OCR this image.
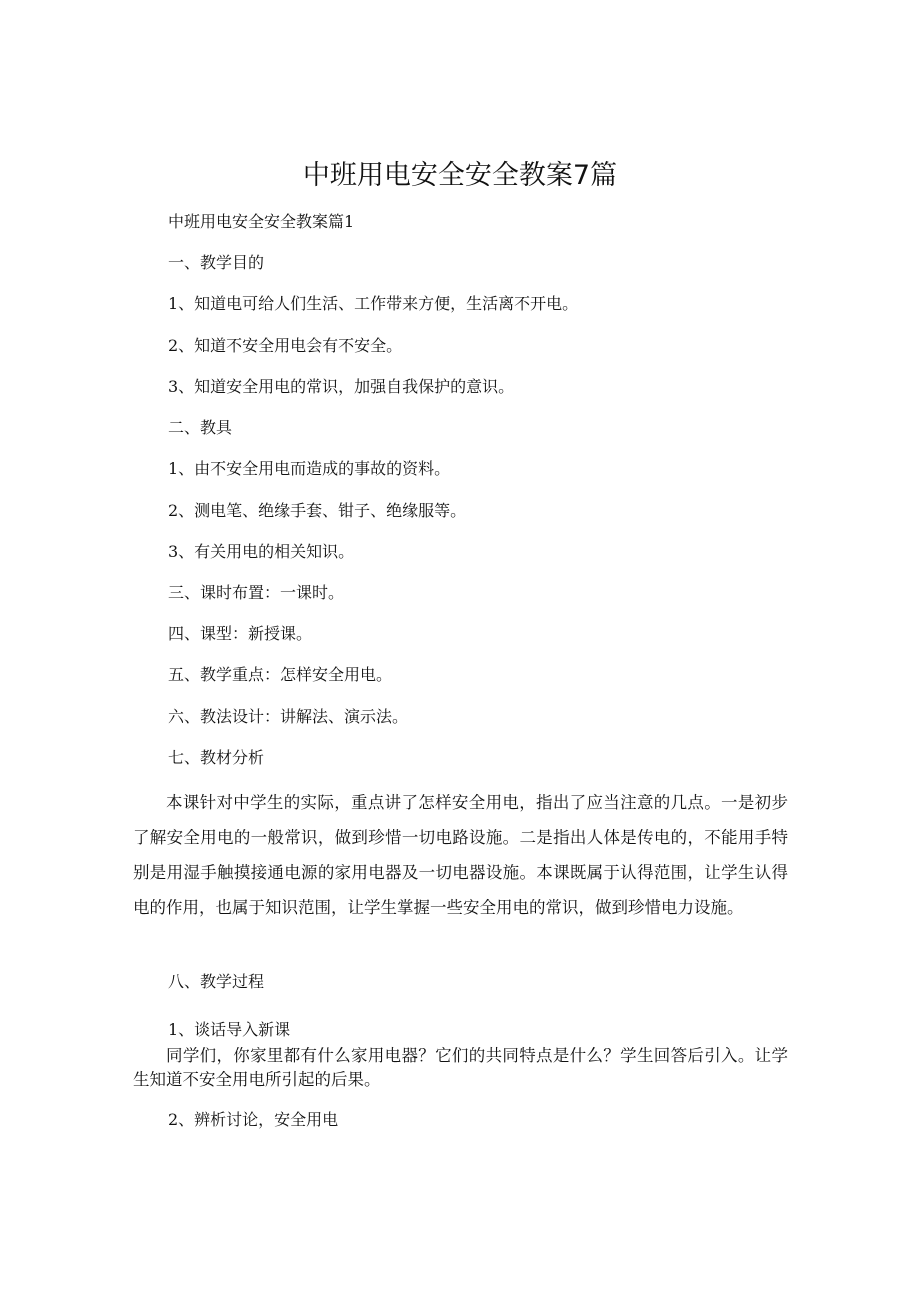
中班用电安全安全教案7篇
中班用电安全安全教案篇1
一、教学目的
1、知道电可给人们生活、工作带来方便，生活离不开电。
2、知道不安全用电会有不安全。
3、知道安全用电的常识，加强自我保护的意识。
二、教具
1、由不安全用电而造成的事故的资料。
2、测电笔、绝缘手套、钳子、绝缘服等。
3、有关用电的相关知识。
三、课时布置：一课时。
四、课型：新授课。
五、教学重点：怎样安全用电。
六、教法设计：讲解法、演示法。
七、教材分析
本课针对中学生的实际，重点讲了怎样安全用电，指出了应当注意的几点。一是初步了解安全用电的一般常识，做到珍惜一切电路设施。二是指出人体是传电的，不能用手特别是用湿手触摸接通电源的家用电器及一切电器设施。本课既属于认得范围，让学生认得电的作用，也属于知识范围，让学生掌握一些安全用电的常识，做到珍惜电力设施。
八、教学过程
1、谈话导入新课
同学们，你家里都有什么家用电器？它们的共同特点是什么？学生回答后引入。让学生知道不安全用电所引起的后果。
2、辨析讨论，安全用电
